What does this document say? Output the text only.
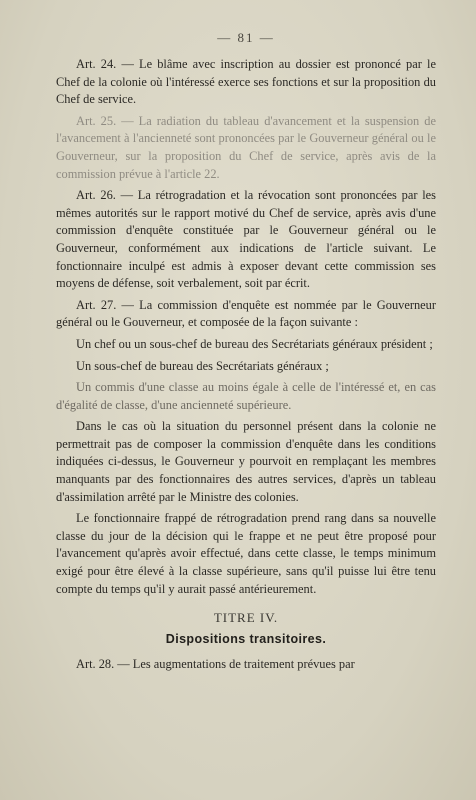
— 81 —

Art. 24. — Le blâme avec inscription au dossier est prononcé par le Chef de la colonie où l'intéressé exerce ses fonctions et sur la proposition du Chef de service.

Art. 25. — La radiation du tableau d'avancement et la suspension de l'avancement à l'ancienneté sont prononcées par le Gouverneur général ou le Gouverneur, sur la proposition du Chef de service, après avis de la commission prévue à l'article 22.

Art. 26. — La rétrogradation et la révocation sont prononcées par les mêmes autorités sur le rapport motivé du Chef de service, après avis d'une commission d'enquête constituée par le Gouverneur général ou le Gouverneur, conformément aux indications de l'article suivant. Le fonctionnaire inculpé est admis à exposer devant cette commission ses moyens de défense, soit verbalement, soit par écrit.

Art. 27. — La commission d'enquête est nommée par le Gouverneur général ou le Gouverneur, et composée de la façon suivante :

Un chef ou un sous-chef de bureau des Secrétariats généraux président ;

Un sous-chef de bureau des Secrétariats généraux ;

Un commis d'une classe au moins égale à celle de l'intéressé et, en cas d'égalité de classe, d'une ancienneté supérieure.

Dans le cas où la situation du personnel présent dans la colonie ne permettrait pas de composer la commission d'enquête dans les conditions indiquées ci-dessus, le Gouverneur y pourvoit en remplaçant les membres manquants par des fonctionnaires des autres services, d'après un tableau d'assimilation arrêté par le Ministre des colonies.

Le fonctionnaire frappé de rétrogradation prend rang dans sa nouvelle classe du jour de la décision qui le frappe et ne peut être proposé pour l'avancement qu'après avoir effectué, dans cette classe, le temps minimum exigé pour être élevé à la classe supérieure, sans qu'il puisse lui être tenu compte du temps qu'il y aurait passé antérieurement.

TITRE IV.
Dispositions transitoires.

Art. 28. — Les augmentations de traitement prévues par
